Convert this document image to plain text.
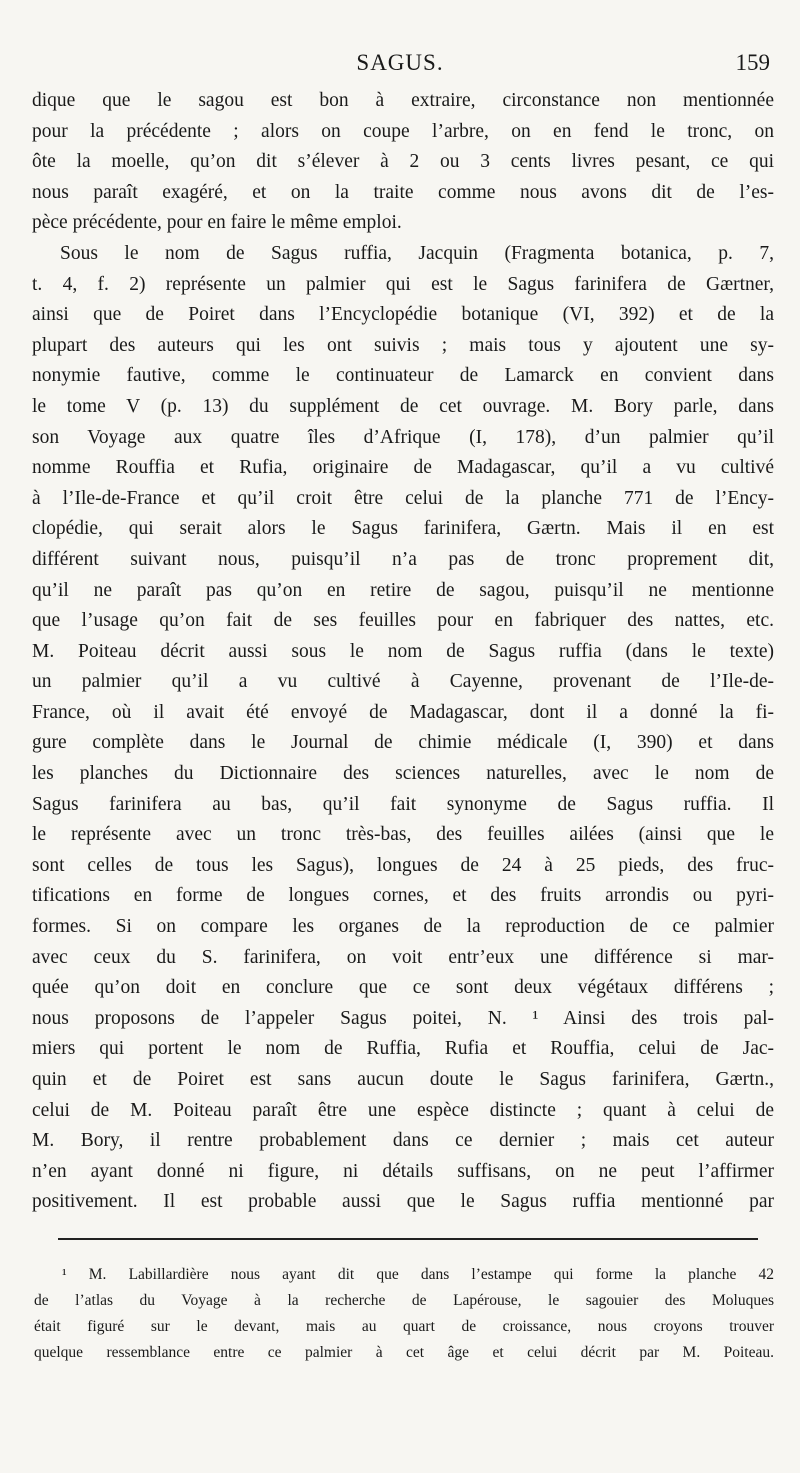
SAGUS.	159
dique que le sagou est bon à extraire, circonstance non mentionnée
pour la précédente ; alors on coupe l’arbre, on en fend le tronc, on
ôte la moelle, qu’on dit s’élever à 2 ou 3 cents livres pesant, ce qui
nous paraît exagéré, et on la traite comme nous avons dit de l’es-
pèce précédente, pour en faire le même emploi.
Sous le nom de Sagus ruffia, Jacquin (Fragmenta botanica, p. 7,
t. 4, f. 2) représente un palmier qui est le Sagus farinifera de Gærtner,
ainsi que de Poiret dans l’Encyclopédie botanique (VI, 392) et de la
plupart des auteurs qui les ont suivis ; mais tous y ajoutent une sy-
nonymie fautive, comme le continuateur de Lamarck en convient dans
le tome V (p. 13) du supplément de cet ouvrage. M. Bory parle, dans
son Voyage aux quatre îles d’Afrique (I, 178), d’un palmier qu’il
nomme Rouffia et Rufia, originaire de Madagascar, qu’il a vu cultivé
à l’Ile-de-France et qu’il croit être celui de la planche 771 de l’Ency-
clopédie, qui serait alors le Sagus farinifera, Gærtn. Mais il en est
différent suivant nous, puisqu’il n’a pas de tronc proprement dit,
qu’il ne paraît pas qu’on en retire de sagou, puisqu’il ne mentionne
que l’usage qu’on fait de ses feuilles pour en fabriquer des nattes, etc.
M. Poiteau décrit aussi sous le nom de Sagus ruffia (dans le texte)
un palmier qu’il a vu cultivé à Cayenne, provenant de l’Ile-de-
France, où il avait été envoyé de Madagascar, dont il a donné la fi-
gure complète dans le Journal de chimie médicale (I, 390) et dans
les planches du Dictionnaire des sciences naturelles, avec le nom de
Sagus farinifera au bas, qu’il fait synonyme de Sagus ruffia. Il
le représente avec un tronc très-bas, des feuilles ailées (ainsi que le
sont celles de tous les Sagus), longues de 24 à 25 pieds, des fruc-
tifications en forme de longues cornes, et des fruits arrondis ou pyri-
formes. Si on compare les organes de la reproduction de ce palmier
avec ceux du S. farinifera, on voit entr’eux une différence si mar-
quée qu’on doit en conclure que ce sont deux végétaux différens ;
nous proposons de l’appeler Sagus poitei, N. ¹ Ainsi des trois pal-
miers qui portent le nom de Ruffia, Rufia et Rouffia, celui de Jac-
quin et de Poiret est sans aucun doute le Sagus farinifera, Gærtn.,
celui de M. Poiteau paraît être une espèce distincte ; quant à celui de
M. Bory, il rentre probablement dans ce dernier ; mais cet auteur
n’en ayant donné ni figure, ni détails suffisans, on ne peut l’affirmer
positivement. Il est probable aussi que le Sagus ruffia mentionné par
¹ M. Labillardière nous ayant dit que dans l’estampe qui forme la planche 42
de l’atlas du Voyage à la recherche de Lapérouse, le sagouier des Moluques
était figuré sur le devant, mais au quart de croissance, nous croyons trouver
quelque ressemblance entre ce palmier à cet âge et celui décrit par M. Poiteau.
